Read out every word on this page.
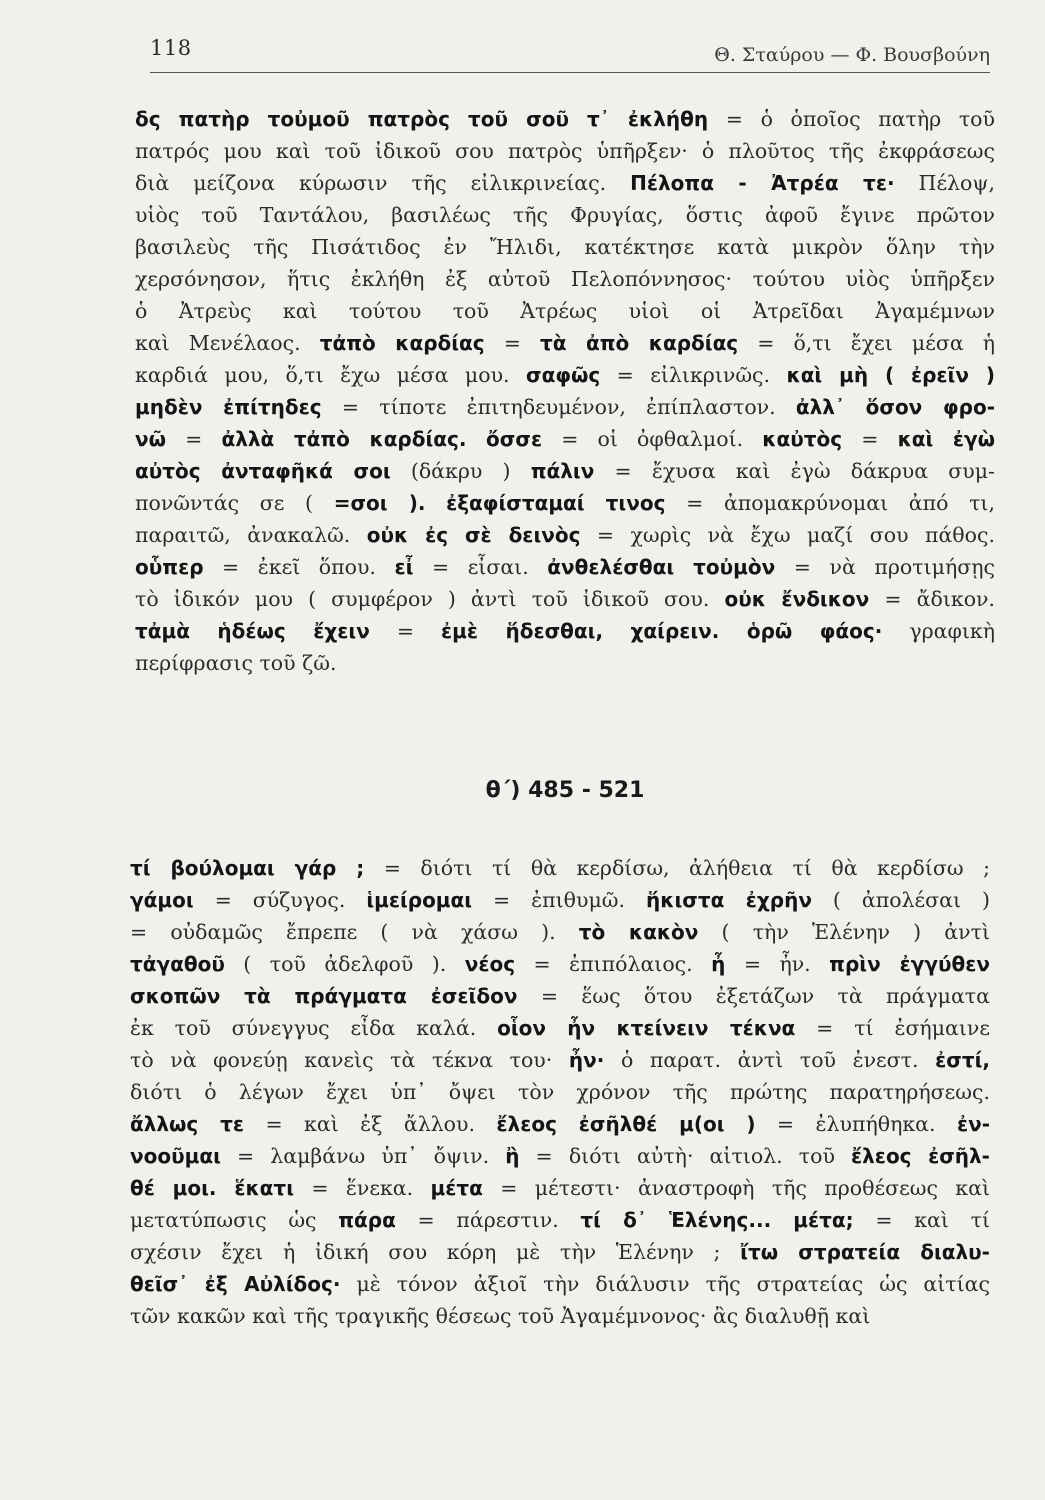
118	Θ. Σταύρου — Φ. Βουσβούνη
δς πατὴρ τοὐμοῦ πατρὸς τοῦ σοῦ τ᾽ ἐκλήθη = ὁ ὁποῖος πατὴρ τοῦ
πατρός μου καὶ τοῦ ἰδικοῦ σου πατρὸς ὑπῆρξεν· ὁ πλοῦτος τῆς ἐκφράσεως
διὰ μείζονα κύρωσιν τῆς εἰλικρινείας. Πέλοπα - Ἀτρέα τε· Πέλοψ,
υἱὸς τοῦ Ταντάλου, βασιλέως τῆς Φρυγίας, ὅστις ἀφοῦ ἔγινε πρῶτον
βασιλεὺς τῆς Πισάτιδος ἐν Ἤλιδι, κατέκτησε κατὰ μικρὸν ὅλην τὴν
χερσόνησον, ἥτις ἐκλήθη ἐξ αὐτοῦ Πελοπόννησος· τούτου υἱὸς ὑπῆρξεν
ὁ Ἀτρεὺς καὶ τούτου τοῦ Ἀτρέως υἱοὶ οἱ Ἀτρεῖδαι Ἀγαμέμνων
καὶ Μενέλαος. τἀπὸ καρδίας = τὰ ἀπὸ καρδίας = ὅ,τι ἔχει μέσα ἡ
καρδιά μου, ὅ,τι ἔχω μέσα μου. σαφῶς = εἰλικρινῶς. καὶ μὴ ( ἐρεῖν )
μηδὲν ἐπίτηδες = τίποτε ἐπιτηδευμένον, ἐπίπλαστον. ἀλλ᾽ ὅσον φρο-
νῶ = ἀλλὰ τἀπὸ καρδίας. ὄσσε = οἱ ὀφθαλμοί. καὐτὸς = καὶ ἐγὼ
αὐτὸς ἀνταφῆκά σοι (δάκρυ ) πάλιν = ἔχυσα καὶ ἐγὼ δάκρυα συμ-
πονῶντάς σε ( =σοι ). ἐξαφίσταμαί τινος = ἀπομακρύνομαι ἀπό τι,
παραιτῶ, ἀνακαλῶ. οὐκ ἐς σὲ δεινὸς = χωρὶς νὰ ἔχω μαζί σου πάθος.
οὗπερ = ἐκεῖ ὅπου. εἶ = εἶσαι. ἀνθελέσθαι τοὐμὸν = νὰ προτιμήσῃς
τὸ ἰδικόν μου ( συμφέρον ) ἀντὶ τοῦ ἰδικοῦ σου. οὐκ ἔνδικον = ἄδικον.
τἀμὰ ἡδέως ἔχειν = ἐμὲ ἥδεσθαι, χαίρειν. ὁρῶ φάος· γραφικὴ
περίφρασις τοῦ ζῶ.
θ΄) 485 - 521
τί βούλομαι γάρ ; = διότι τί θὰ κερδίσω, ἀλήθεια τί θὰ κερδίσω ;
γάμοι = σύζυγος. ἱμείρομαι = ἐπιθυμῶ. ἥκιστα ἐχρῆν ( ἀπολέσαι )
= οὐδαμῶς ἔπρεπε ( νὰ χάσω ). τὸ κακὸν ( τὴν Ἑλένην ) ἀντὶ
τἀγαθοῦ ( τοῦ ἀδελφοῦ ). νέος = ἐπιπόλαιος. ἦ = ἦν. πρὶν ἐγγύθεν
σκοπῶν τὰ πράγματα ἐσεῖδον = ἕως ὅτου ἐξετάζων τὰ πράγματα
ἐκ τοῦ σύνεγγυς εἶδα καλά. οἷον ἦν κτείνειν τέκνα = τί ἐσήμαινε
τὸ νὰ φονεύῃ κανεὶς τὰ τέκνα του· ἦν· ὁ παρατ. ἀντὶ τοῦ ἐνεστ. ἐστί,
διότι ὁ λέγων ἔχει ὑπ᾽ ὄψει τὸν χρόνον τῆς πρώτης παρατηρήσεως.
ἄλλως τε = καὶ ἐξ ἄλλου. ἔλεος ἐσῆλθέ μ(οι ) = ἐλυπήθηκα. ἐν-
νοοῦμαι = λαμβάνω ὑπ᾽ ὄψιν. ἢ = διότι αὐτὴ· αἰτιολ. τοῦ ἔλεος ἐσῆλ-
θέ μοι. ἕκατι = ἕνεκα. μέτα = μέτεστι· ἀναστροφὴ τῆς προθέσεως καὶ
μετατύπωσις ὡς πάρα = πάρεστιν. τί δ᾽ Ἑλένης... μέτα; = καὶ τί
σχέσιν ἔχει ἡ ἰδική σου κόρη μὲ τὴν Ἑλένην ; ἴτω στρατεία διαλυ-
θεῖσ᾽ ἐξ Αὐλίδος· μὲ τόνον ἀξιοῖ τὴν διάλυσιν τῆς στρατείας ὡς αἰτίας
τῶν κακῶν καὶ τῆς τραγικῆς θέσεως τοῦ Ἀγαμέμνονος· ἂς διαλυθῇ καὶ
